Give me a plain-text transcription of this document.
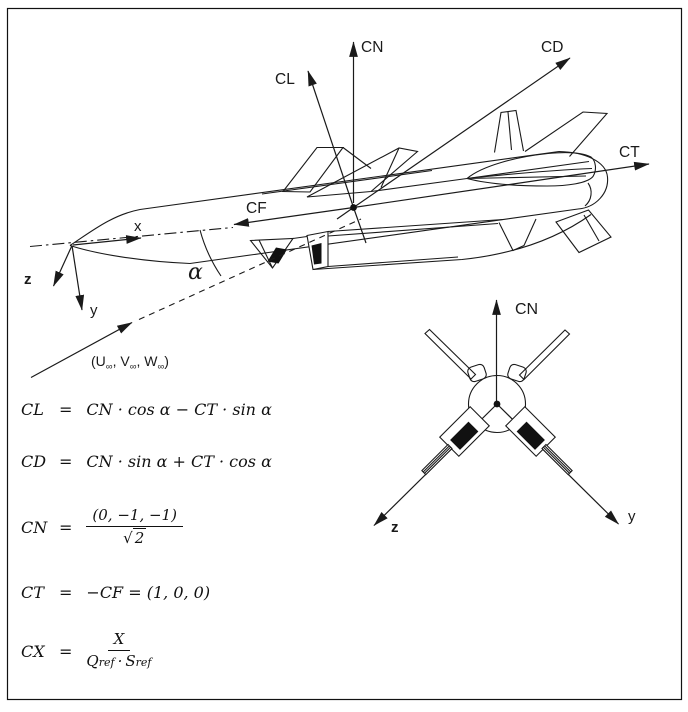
CN
CL
CD
CT
CF
x
z
y
α
($U_\infty$, $V_\infty$, $W_\infty$)
CN
z
y
CL = CN · cos α − CT · sin α
CD = CN · sin α + CT · cos α
CN = $\frac{(0, -1, -1)}{√ 2}$
CT = −CF = (1, 0, 0)
CX = $\frac{X}{\text{Q ref · S ref}}$
